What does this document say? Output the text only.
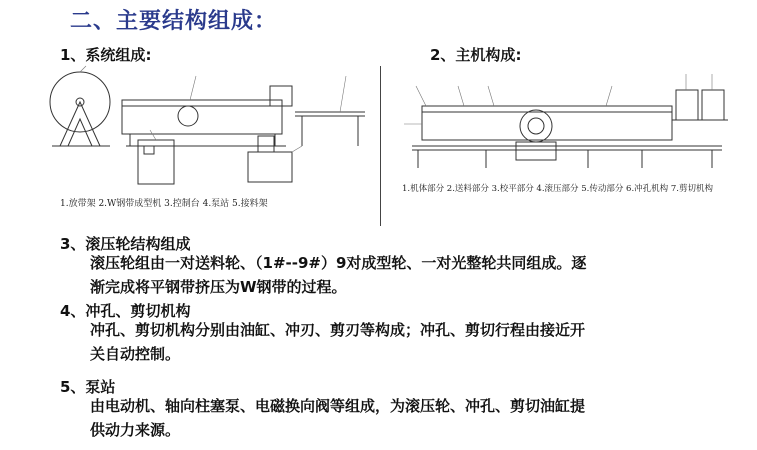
二、主要结构组成：
1、系统组成:	2、主机构成:
1.放带架 2.W钢带成型机 3.控制台 4.泵站 5.接料架
1.机体部分 2.送料部分 3.校平部分 4.滚压部分 5.传动部分 6.冲孔机构 7.剪切机构
3、滚压轮结构组成
滚压轮组由一对送料轮、（1#--9#）9对成型轮、一对光整轮共同组成。逐
渐完成将平钢带挤压为W钢带的过程。
4、冲孔、剪切机构
冲孔、剪切机构分别由油缸、冲刃、剪刃等构成；冲孔、剪切行程由接近开
关自动控制。
5、泵站
由电动机、轴向柱塞泵、电磁换向阀等组成，为滚压轮、冲孔、剪切油缸提
供动力来源。
